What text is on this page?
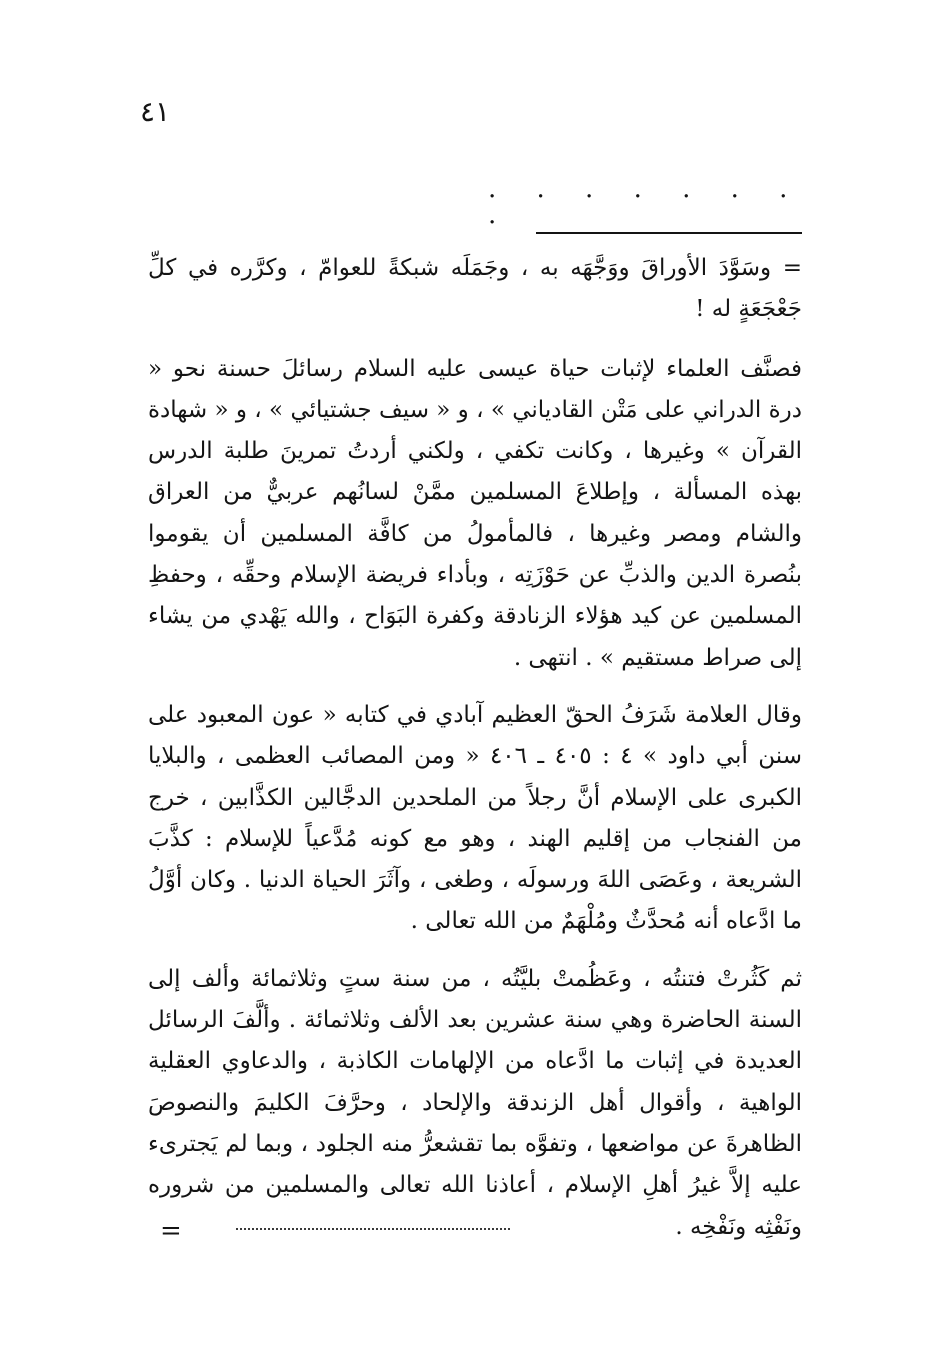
٤١
. . . . . . . .

= وسَوَّدَ الأوراقَ ووَجَّهَه به ، وجَمَلَه شبكةً للعوامّ ، وكرَّره في كلِّ جَعْجَعَةٍ له !

فصنَّف العلماء لإثبات حياة عيسى عليه السلام رسائلَ حسنة نحو « درة الدراني على مَتْن القادياني » ، و « سيف جشتيائي » ، و « شهادة القرآن » وغيرها ، وكانت تكفي ، ولكني أردتُ تمرينَ طلبة الدرس بهذه المسألة ، وإطلاعَ المسلمين ممَّنْ لسانُهم عربيٌّ من العراق والشام ومصر وغيرها ، فالمأمولُ من كافَّة المسلمين أن يقوموا بنُصرة الدين والذبِّ عن حَوْزَتِه ، وبأداء فريضة الإسلام وحقِّه ، وحفظِ المسلمين عن كيد هؤلاء الزنادقة وكفرة البَوَاح ، والله يَهْدي من يشاء إلى صراط مستقيم » . انتهى .

وقال العلامة شَرَفُ الحقّ العظيم آبادي في كتابه « عون المعبود على سنن أبي داود » ٤ : ٤٠٥ ـ ٤٠٦ « ومن المصائب العظمى ، والبلايا الكبرى على الإسلام أنَّ رجلاً من الملحدين الدجَّالين الكذَّابين ، خرج من الفنجاب من إقليم الهند ، وهو مع كونه مُدَّعياً للإسلام : كذَّبَ الشريعة ، وعَصَى اللهَ ورسولَه ، وطغى ، وآثَرَ الحياة الدنيا . وكان أوَّلُ ما ادَّعاه أنه مُحدَّثٌ ومُلْهَمٌ من الله تعالى .

ثم كَثُرتْ فتنتُه ، وعَظُمتْ بليَّتُه ، من سنة ستٍ وثلاثمائة وألف إلى السنة الحاضرة وهي سنة عشرين بعد الألف وثلاثمائة . وألَّفَ الرسائل العديدة في إثبات ما ادَّعاه من الإلهامات الكاذبة ، والدعاوي العقلية الواهية ، وأقوال أهل الزندقة والإلحاد ، وحرَّفَ الكليمَ والنصوصَ الظاهرةَ عن مواضعها ، وتفوَّه بما تقشعرُّ منه الجلود ، وبما لم يَجترىء عليه إلاَّ غيرُ أهلِ الإسلام ، أعاذنا الله تعالى والمسلمين من شروره ونَفْثِه ونَفْخِه .

=
